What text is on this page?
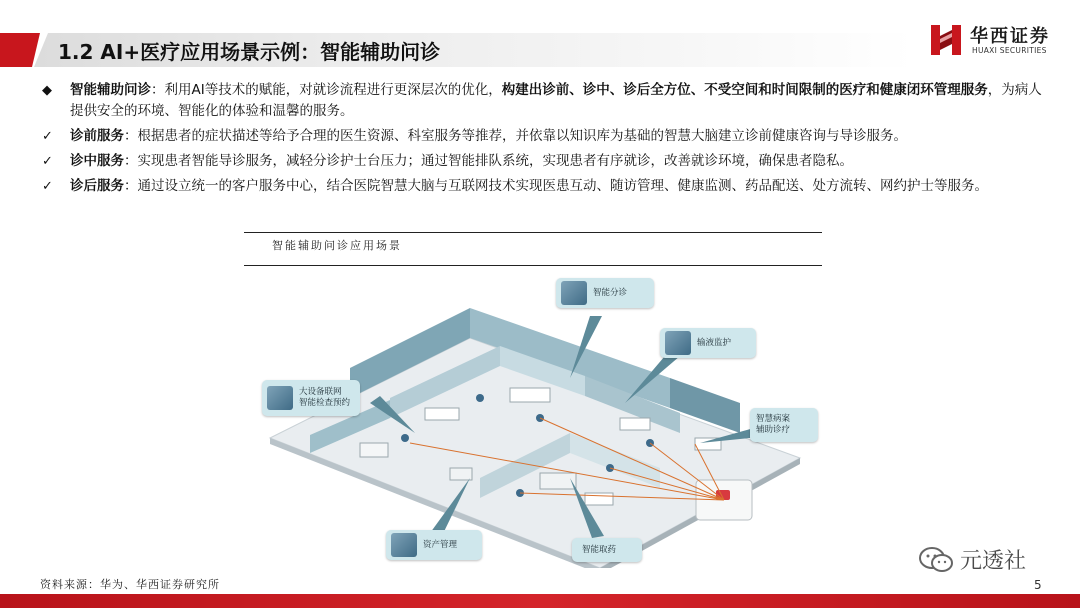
1.2 AI+医疗应用场景示例：智能辅助问诊
华西证券
HUAXI SECURITIES
◆ 智能辅助问诊：利用AI等技术的赋能，对就诊流程进行更深层次的优化，构建出诊前、诊中、诊后全方位、不受空间和时间限制的医疗和健康闭环管理服务，为病人提供安全的环境、智能化的体验和温馨的服务。
✓ 诊前服务：根据患者的症状描述等给予合理的医生资源、科室服务等推荐，并依靠以知识库为基础的智慧大脑建立诊前健康咨询与导诊服务。
✓ 诊中服务：实现患者智能导诊服务，减轻分诊护士台压力；通过智能排队系统，实现患者有序就诊，改善就诊环境，确保患者隐私。
✓ 诊后服务：通过设立统一的客户服务中心，结合医院智慧大脑与互联网技术实现医患互动、随访管理、健康监测、药品配送、处方流转、网约护士等服务。
智能辅助问诊应用场景
智能分诊
输液监护
大设备联网
智能检查预约
智慧病案
辅助诊疗
资产管理	智能取药
资料来源：华为、华西证券研究所
元透社
5
